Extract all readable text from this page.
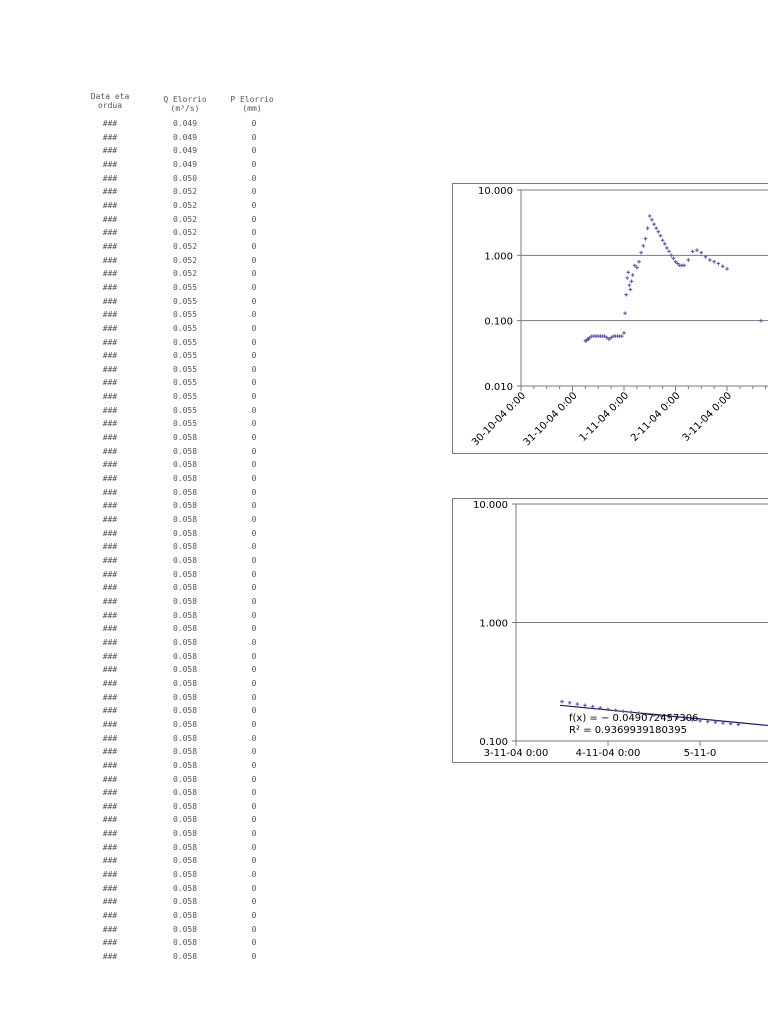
Data eta
ordua
Q Elorrio
(m³/s)
P Elorrio
(mm)
###	0.049	0
###	0.049	0
###	0.049	0
###	0.049	0
###	0.050	0
###	0.052	0
###	0.052	0
###	0.052	0
###	0.052	0
###	0.052	0
###	0.052	0
###	0.052	0
###	0.055	0
###	0.055	0
###	0.055	0
###	0.055	0
###	0.055	0
###	0.055	0
###	0.055	0
###	0.055	0
###	0.055	0
###	0.055	0
###	0.055	0
###	0.058	0
###	0.058	0
###	0.058	0
###	0.058	0
###	0.058	0
###	0.058	0
###	0.058	0
###	0.058	0
###	0.058	0
###	0.058	0
###	0.058	0
###	0.058	0
###	0.058	0
###	0.058	0
###	0.058	0
###	0.058	0
###	0.058	0
###	0.058	0
###	0.058	0
###	0.058	0
###	0.058	0
###	0.058	0
###	0.058	0
###	0.058	0
###	0.058	0
###	0.058	0
###	0.058	0
###	0.058	0
###	0.058	0
###	0.058	0
###	0.058	0
###	0.058	0
###	0.058	0
###	0.058	0
###	0.058	0
###	0.058	0
###	0.058	0
###	0.058	0
###	0.058	0
10.000
1.000
0.100
0.010
30-10-04 0:00
31-10-04 0:00
1-11-04 0:00
2-11-04 0:00
3-11-04 0:00
10.000
1.000
0.100
3-11-04 0:00	4-11-04 0:00	5-11-0
f(x) = − 0.049072457306
R² = 0.9369939180395
